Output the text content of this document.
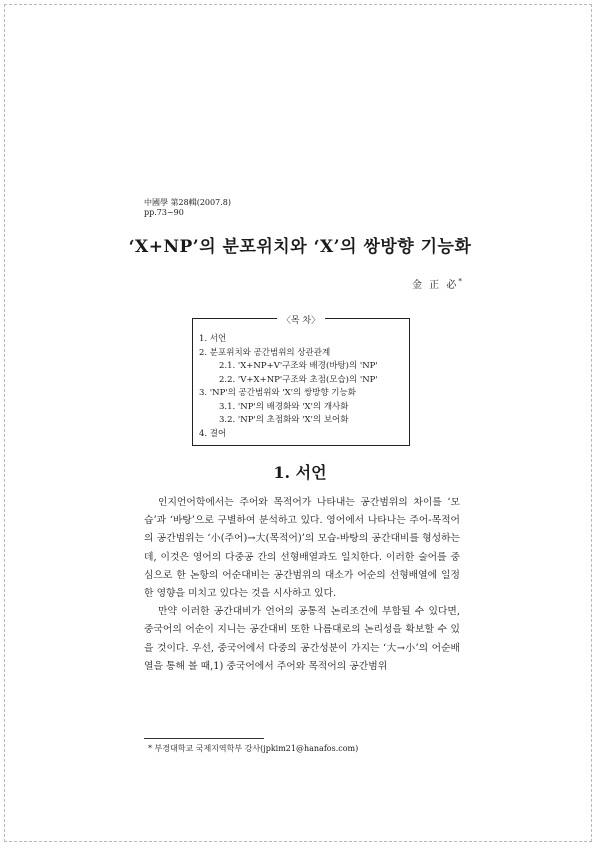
中國學 第28輯(2007.8)
pp.73~90
‘X+NP’의 분포위치와 ‘X’의 쌍방향 기능화
金 正 必*
〈목 차〉
1. 서언
2. 분포위치와 공간범위의 상관관계
2.1. 'X+NP+V'구조와 배경(바탕)의 'NP'
2.2. 'V+X+NP'구조와 초점(모습)의 'NP'
3. 'NP'의 공간범위와 'X'의 쌍방향 기능화
3.1. 'NP'의 배경화와 'X'의 개사화
3.2. 'NP'의 초점화와 'X'의 보어화
4. 결어
1. 서언

인지언어학에서는 주어와 목적어가 나타내는 공간범위의 차이를 ‘모습’과 ‘바탕’으로 구별하여 분석하고 있다. 영어에서 나타나는 주어-목적어의 공간범위는 ‘小(주어)→大(목적어)’의 모습-바탕의 공간대비를 형성하는데, 이것은 영어의 다중공 간의 선형배열과도 일치한다. 이러한 술어를 중심으로 한 논항의 어순대비는 공간범위의 대소가 어순의 선형배열에 일정한 영향을 미치고 있다는 것을 시사하고 있다.

만약 이러한 공간대비가 언어의 공통적 논리조건에 부합될 수 있다면, 중국어의 어순이 지니는 공간대비 또한 나름대로의 논리성을 확보할 수 있을 것이다. 우선, 중국어에서 다중의 공간성분이 가지는 ‘大→小’의 어순배열을 통해 볼 때,1) 중국어에서 주어와 목적어의 공간범위

* 부경대학교 국제지역학부 강사(jpkim21@hanafos.com)
